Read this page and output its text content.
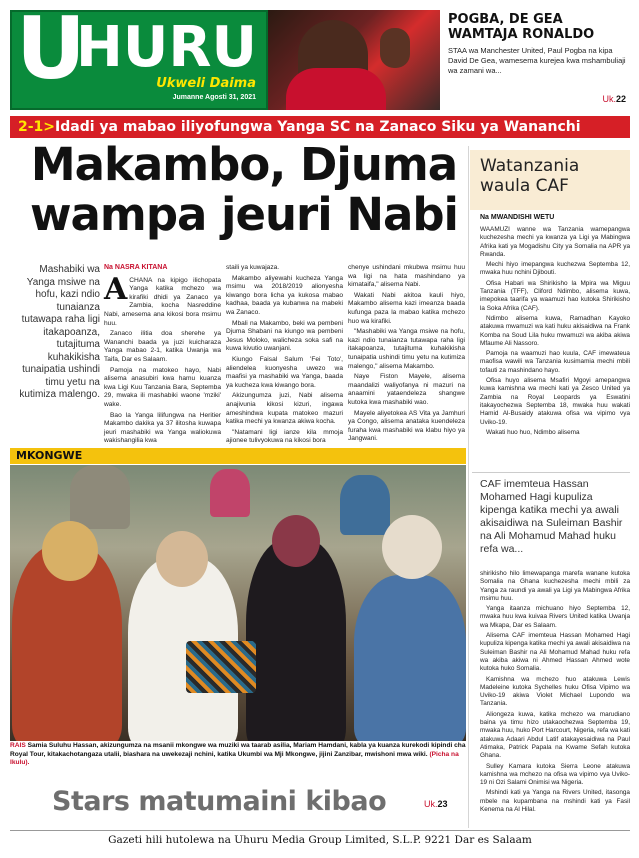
U
HURU
Ukweli Daima
Jumanne Agosti 31, 2021
POGBA, DE GEA
WAMTAJA RONALDO
STAA wa Manchester United, Paul Pogba na kipa David De Gea, wamesema kurejea kwa mshambuliaji wa zamani wa...
Uk.22
2-1>Idadi ya mabao iliyofungwa Yanga SC na Zanaco Siku ya Wananchi
Makambo, Djuma
wampa jeuri Nabi
Mashabiki wa Yanga msiwe na hofu, kazi ndio tunaianza tutawapa raha ligi itakapoanza, tutajituma kuhakikisha tunaipatia ushindi timu yetu na kutimiza malengo.
Na NASRA KITANA
A CHANA na kipigo ilichopata Yanga katika mchezo wa kirafiki dhidi ya Zanaco ya Zambia, kocha Nasreddine Nabi, amesema ana kikosi bora msimu huu.

Zanaco ilitia doa sherehe ya Wananchi baada ya juzi kuicharaza Yanga mabao 2-1, katika Uwanja wa Taifa, Dar es Salaam.

Pamoja na matokeo hayo, Nabi alisema anasubiri kwa hamu kuanza kwa Ligi Kuu Tanzania Bara, Septemba 29, mwaka ili mashabiki waone 'mziki' wake.

Bao la Yanga lilifungwa na Heritier Makambo dakika ya 37 ilitosha kuwapa jeuri mashabiki wa Yanga waliokuwa wakishangilia kwa

staili ya kuwajaza.

Makambo aliyewahi kucheza Yanga msimu wa 2018/2019 alionyesha kiwango bora licha ya kukosa mabao kadhaa, baada ya kubanwa na mabeki wa Zanaco.

Mbali na Makambo, beki wa pembeni Djuma Shabani na kiungo wa pembeni Jesus Moloko, walicheza soka safi na kuwa kivutio uwanjani.

Kiungo Faisal Salum 'Fei Toto', aliendelea kuonyesha uwezo wa maafisi ya mashabiki wa Yanga, baada ya kucheza kwa kiwango bora.

Akizungumza juzi, Nabi alisema anajivunia kikosi kizuri, ingawa ameshindwa kupata matokeo mazuri katika mechi ya kwanza akiwa kocha.

"Natamani ligi ianze kila mmoja ajionee tulivyokuwa na kikosi bora

chenye ushindani mkubwa msimu huu wa ligi na hata mashindano ya kimataifa," alisema Nabi.

Wakati Nabi akitoa kauli hiyo, Makambo alisema kazi imeanza baada kufunga paza la mabao katika mchezo huo wa kirafiki.

"Mashabiki wa Yanga msiwe na hofu, kazi ndio tunaianza tutawapa raha ligi itakapoanza, tutajituma kuhakikisha tunaipatia ushindi timu yetu na kutimiza malengo," alisema Makambo.

Naye Fiston Mayele, alisema maandalizi waliyofanya ni mazuri na anaamini yataendeleza shangwe kutoka kwa mashabiki wao.

Mayele aliyetokea AS Vita ya Jamhuri ya Congo, alisema anataka kuendeleza furaha kwa mashabiki wa klabu hiyo ya Jangwani.

MKONGWE
RAIS Samia Suluhu Hassan, akizungumza na msanii mkongwe wa muziki wa taarab asilia, Mariam Hamdani, kabla ya kuanza kurekodi kipindi cha Royal Tour, kitakachotangaza utalii, biashara na uwekezaji nchini, katika Ukumbi wa Mji Mkongwe, jijini Zanzibar, mwishoni mwa wiki. (Picha na Ikulu).
Stars matumaini kibao	Uk.23
Watanzania waula CAF
Na MWANDISHI WETU

WAAMUZI wanne wa Tanzania wamepangwa kuchezesha mechi ya kwanza ya Ligi ya Mabingwa Afrika kati ya Mogadishu City ya Somalia na APR ya Rwanda.

Mechi hiyo imepangwa kuchezwa Septemba 12, mwaka huu nchini Djibouti.

Ofisa Habari wa Shirikisho la Mpira wa Miguu Tanzania (TFF), Cliford Ndimbo, alisema kuwa, imepokea taarifa ya waamuzi hao kutoka Shirikisho la Soka Afrika (CAF).

Ndimbo alisema kuwa, Ramadhan Kayoko atakuwa mwamuzi wa kati huku akisaidiwa na Frank Komba na Soud Lila huku mwamuzi wa akiba akiwa Mfaume Ali Nassoro.

Pamoja na waamuzi hao kuula, CAF imewateua maofisa wawili wa Tanzania kusimamia mechi mbili tofauti za mashindano hayo.

Ofisa huyo alisema Msafiri Mgoyi amepangwa kuwa kamishna wa mechi kati ya Zesco United ya Zambia na Royal Leopards ya Eswatini itakayochezwa Septemba 18, mwaka huu wakati Hamid Al-Busaidy atakuwa ofisa wa vipimo vya Uviko-19.

Wakati huo huo, Ndimbo alisema

CAF imemteua Hassan Mohamed Hagi kupuliza kipenga katika mechi ya awali akisaidiwa na Suleiman Bashir na Ali Mohamud Mahad huku refa wa...

shirikisho hilo limewapanga marefa wanane kutoka Somalia na Ghana kuchezesha mechi mbili za Yanga za raundi ya awali ya Ligi ya Mabingwa Afrika msimu huu.

Yanga itaanza michuano hiyo Septemba 12, mwaka huu kwa kuivaa Rivers United katika Uwanja wa Mkapa, Dar es Salaam.

Alisema CAF imemteua Hassan Mohamed Hagi kupuliza kipenga katika mechi ya awali akisaidiwa na Suleiman Bashir na Ali Mohamud Mahad huku refa wa akiba akiwa ni Ahmed Hassan Ahmed wote kutoka huko Somalia.

Kamishna wa mchezo huo atakuwa Lewis Madeleine kutoka Sychelles huku Ofisa Vipimo wa Uviko-19 akiwa Violet Michael Lupondo wa Tanzania.

Aliongeza kuwa, katika mchezo wa marudiano baina ya timu hizo utakaochezwa Septemba 19, mwaka huu, huko Port Harcourt, Nigeria, refa wa kati atakuwa Adaari Abdul Latif atakayesaidiwa na Paul Atimaka, Patrick Papala na Kwame Sefah kutoka Ghana.

Sulley Kamara kutoka Sierra Leone atakuwa kamishna wa mchezo na ofisa wa vipimo vya Uviko-19 ni Ozi Salami Onimisi wa Nigeria.

Mshindi kati ya Yanga na Rivers United, itasonga mbele na kupambana na mshindi kati ya Fasil Kenema na Al Hilal.

Gazeti hili hutolewa na Uhuru Media Group Limited, S.L.P. 9221 Dar es Salaam
